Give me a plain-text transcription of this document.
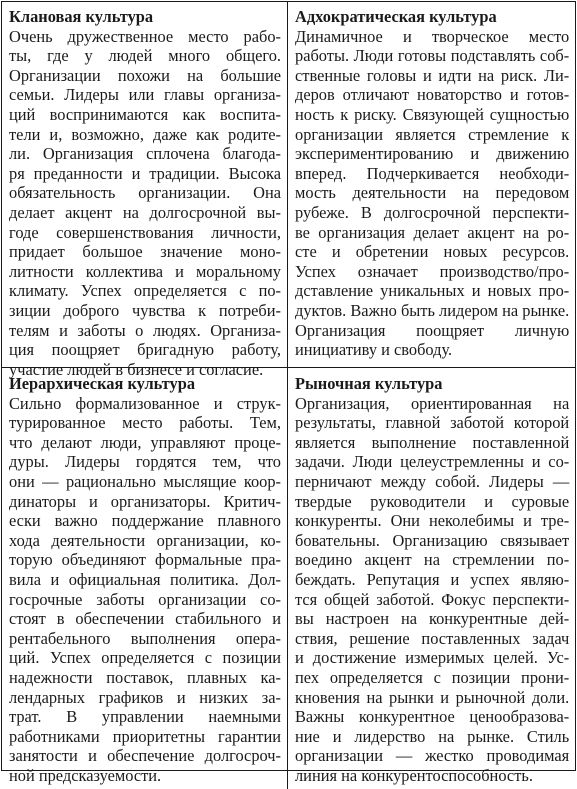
Клановая культура
Очень дружественное место рабо-
ты, где у людей много общего.
Организации похожи на большие
семьи. Лидеры или главы организа-
ций воспринимаются как воспита-
тели и, возможно, даже как родите-
ли. Организация сплочена благода-
ря преданности и традиции. Высока
обязательность организации. Она
делает акцент на долгосрочной вы-
годе совершенствования личности,
придает большое значение моно-
литности коллектива и моральному
климату. Успех определяется с по-
зиции доброго чувства к потреби-
телям и заботы о людях. Организа-
ция поощряет бригадную работу,
участие людей в бизнесе и согласие.
Адхократическая культура
Динамичное и творческое место
работы. Люди готовы подставлять соб-
ственные головы и идти на риск. Ли-
деров отличают новаторство и готов-
ность к риску. Связующей сущностью
организации является стремление к
экспериментированию и движению
вперед. Подчеркивается необходи-
мость деятельности на передовом
рубеже. В долгосрочной перспекти-
ве организация делает акцент на ро-
сте и обретении новых ресурсов.
Успех означает производство/про-
дставление уникальных и новых про-
дуктов. Важно быть лидером на рынке.
Организация поощряет личную
инициативу и свободу.
Иерархическая культура
Сильно формализованное и струк-
турированное место работы. Тем,
что делают люди, управляют проце-
дуры. Лидеры гордятся тем, что
они — рационально мыслящие коор-
динаторы и организаторы. Критич-
ески важно поддержание плавного
хода деятельности организации, ко-
торую объединяют формальные пра-
вила и официальная политика. Дол-
госрочные заботы организации со-
стоят в обеспечении стабильного и
рентабельного выполнения опера-
ций. Успех определяется с позиции
надежности поставок, плавных ка-
лендарных графиков и низких за-
трат. В управлении наемными
работниками приоритетны гарантии
занятости и обеспечение долгосроч-
ной предсказуемости.
Рыночная культура
Организация, ориентированная на
результаты, главной заботой которой
является выполнение поставленной
задачи. Люди целеустремленны и со-
перничают между собой. Лидеры —
твердые руководители и суровые
конкуренты. Они неколебимы и тре-
бовательны. Организацию связывает
воедино акцент на стремлении по-
беждать. Репутация и успех являю-
тся общей заботой. Фокус перспекти-
вы настроен на конкурентные дей-
ствия, решение поставленных задач
и достижение измеримых целей. Ус-
пех определяется с позиции прони-
кновения на рынки и рыночной доли.
Важны конкурентное ценообразова-
ние и лидерство на рынке. Стиль
организации — жестко проводимая
линия на конкурентоспособность.
